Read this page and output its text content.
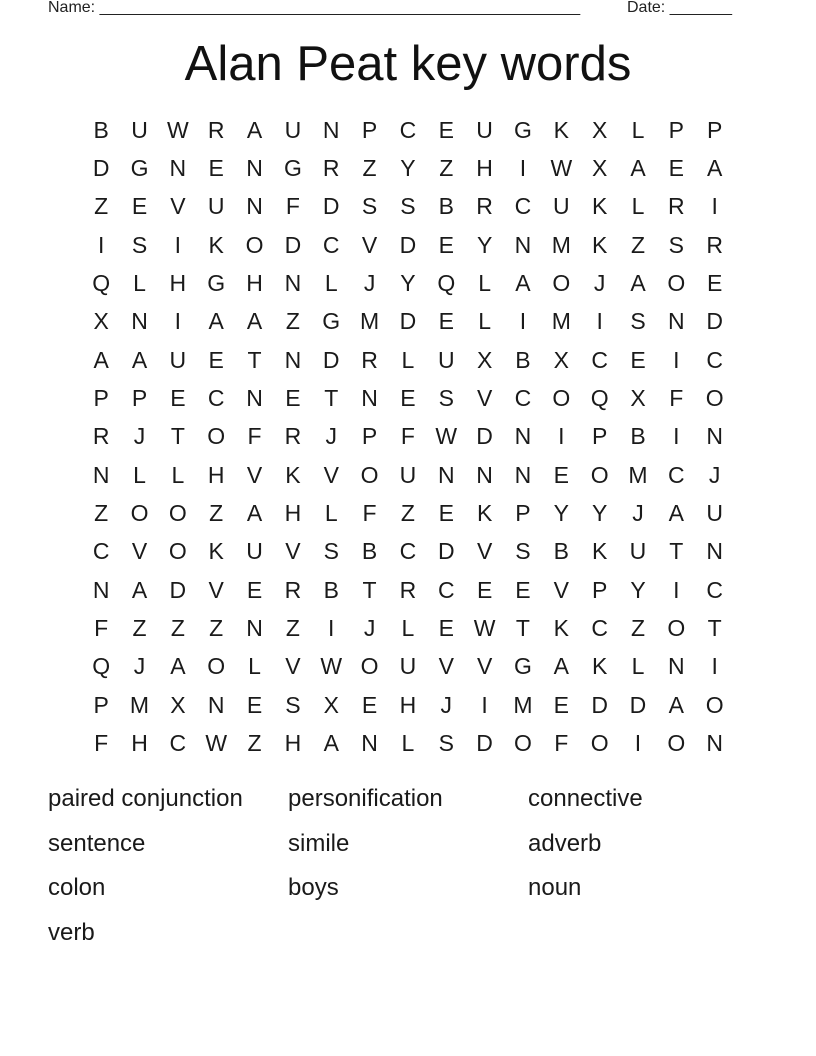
Name: ______________________________________________________	Date: _______
Alan Peat key words
B U W R A U N P C E U G K	X	L	P	P
D G N E N G R	Z	Y	Z	H	I	W X	A	E	A
Z	E	V U N	F	D S	S	B R C U K	L	R	I
I	S	I	K O D C V D E	Y N M K	Z	S R
Q	L	H G H N	L	J	Y Q	L	A O	J	A O E
X N	I	A	A	Z G M D E	L	I	M	I	S N D
A	A U E	T	N D R	L	U X	B	X C E	I	C
P	P	E C N E	T	N E	S	V C O Q X	F O
R	J	T O F	R	J	P	F W D N	I	P	B	I	N
N	L	L	H V	K	V O U N N N E O M C	J
Z O O Z	A H	L	F	Z	E	K	P	Y	Y	J	A U
C V O K U V	S	B C D V	S	B	K U	T	N
N A D V	E R B	T	R C E	E	V	P	Y	I	C
F	Z	Z	Z	N	Z	I	J	L	E W T	K C	Z O T
Q	J	A O	L	V W O U V	V G A	K	L	N	I
P M X N E	S	X	E H	J	I	M E D D A O
F	H C W Z	H A N	L	S D O F O	I	O N
paired conjunction	personification	connective
sentence	simile	adverb
colon	boys	noun
verb
